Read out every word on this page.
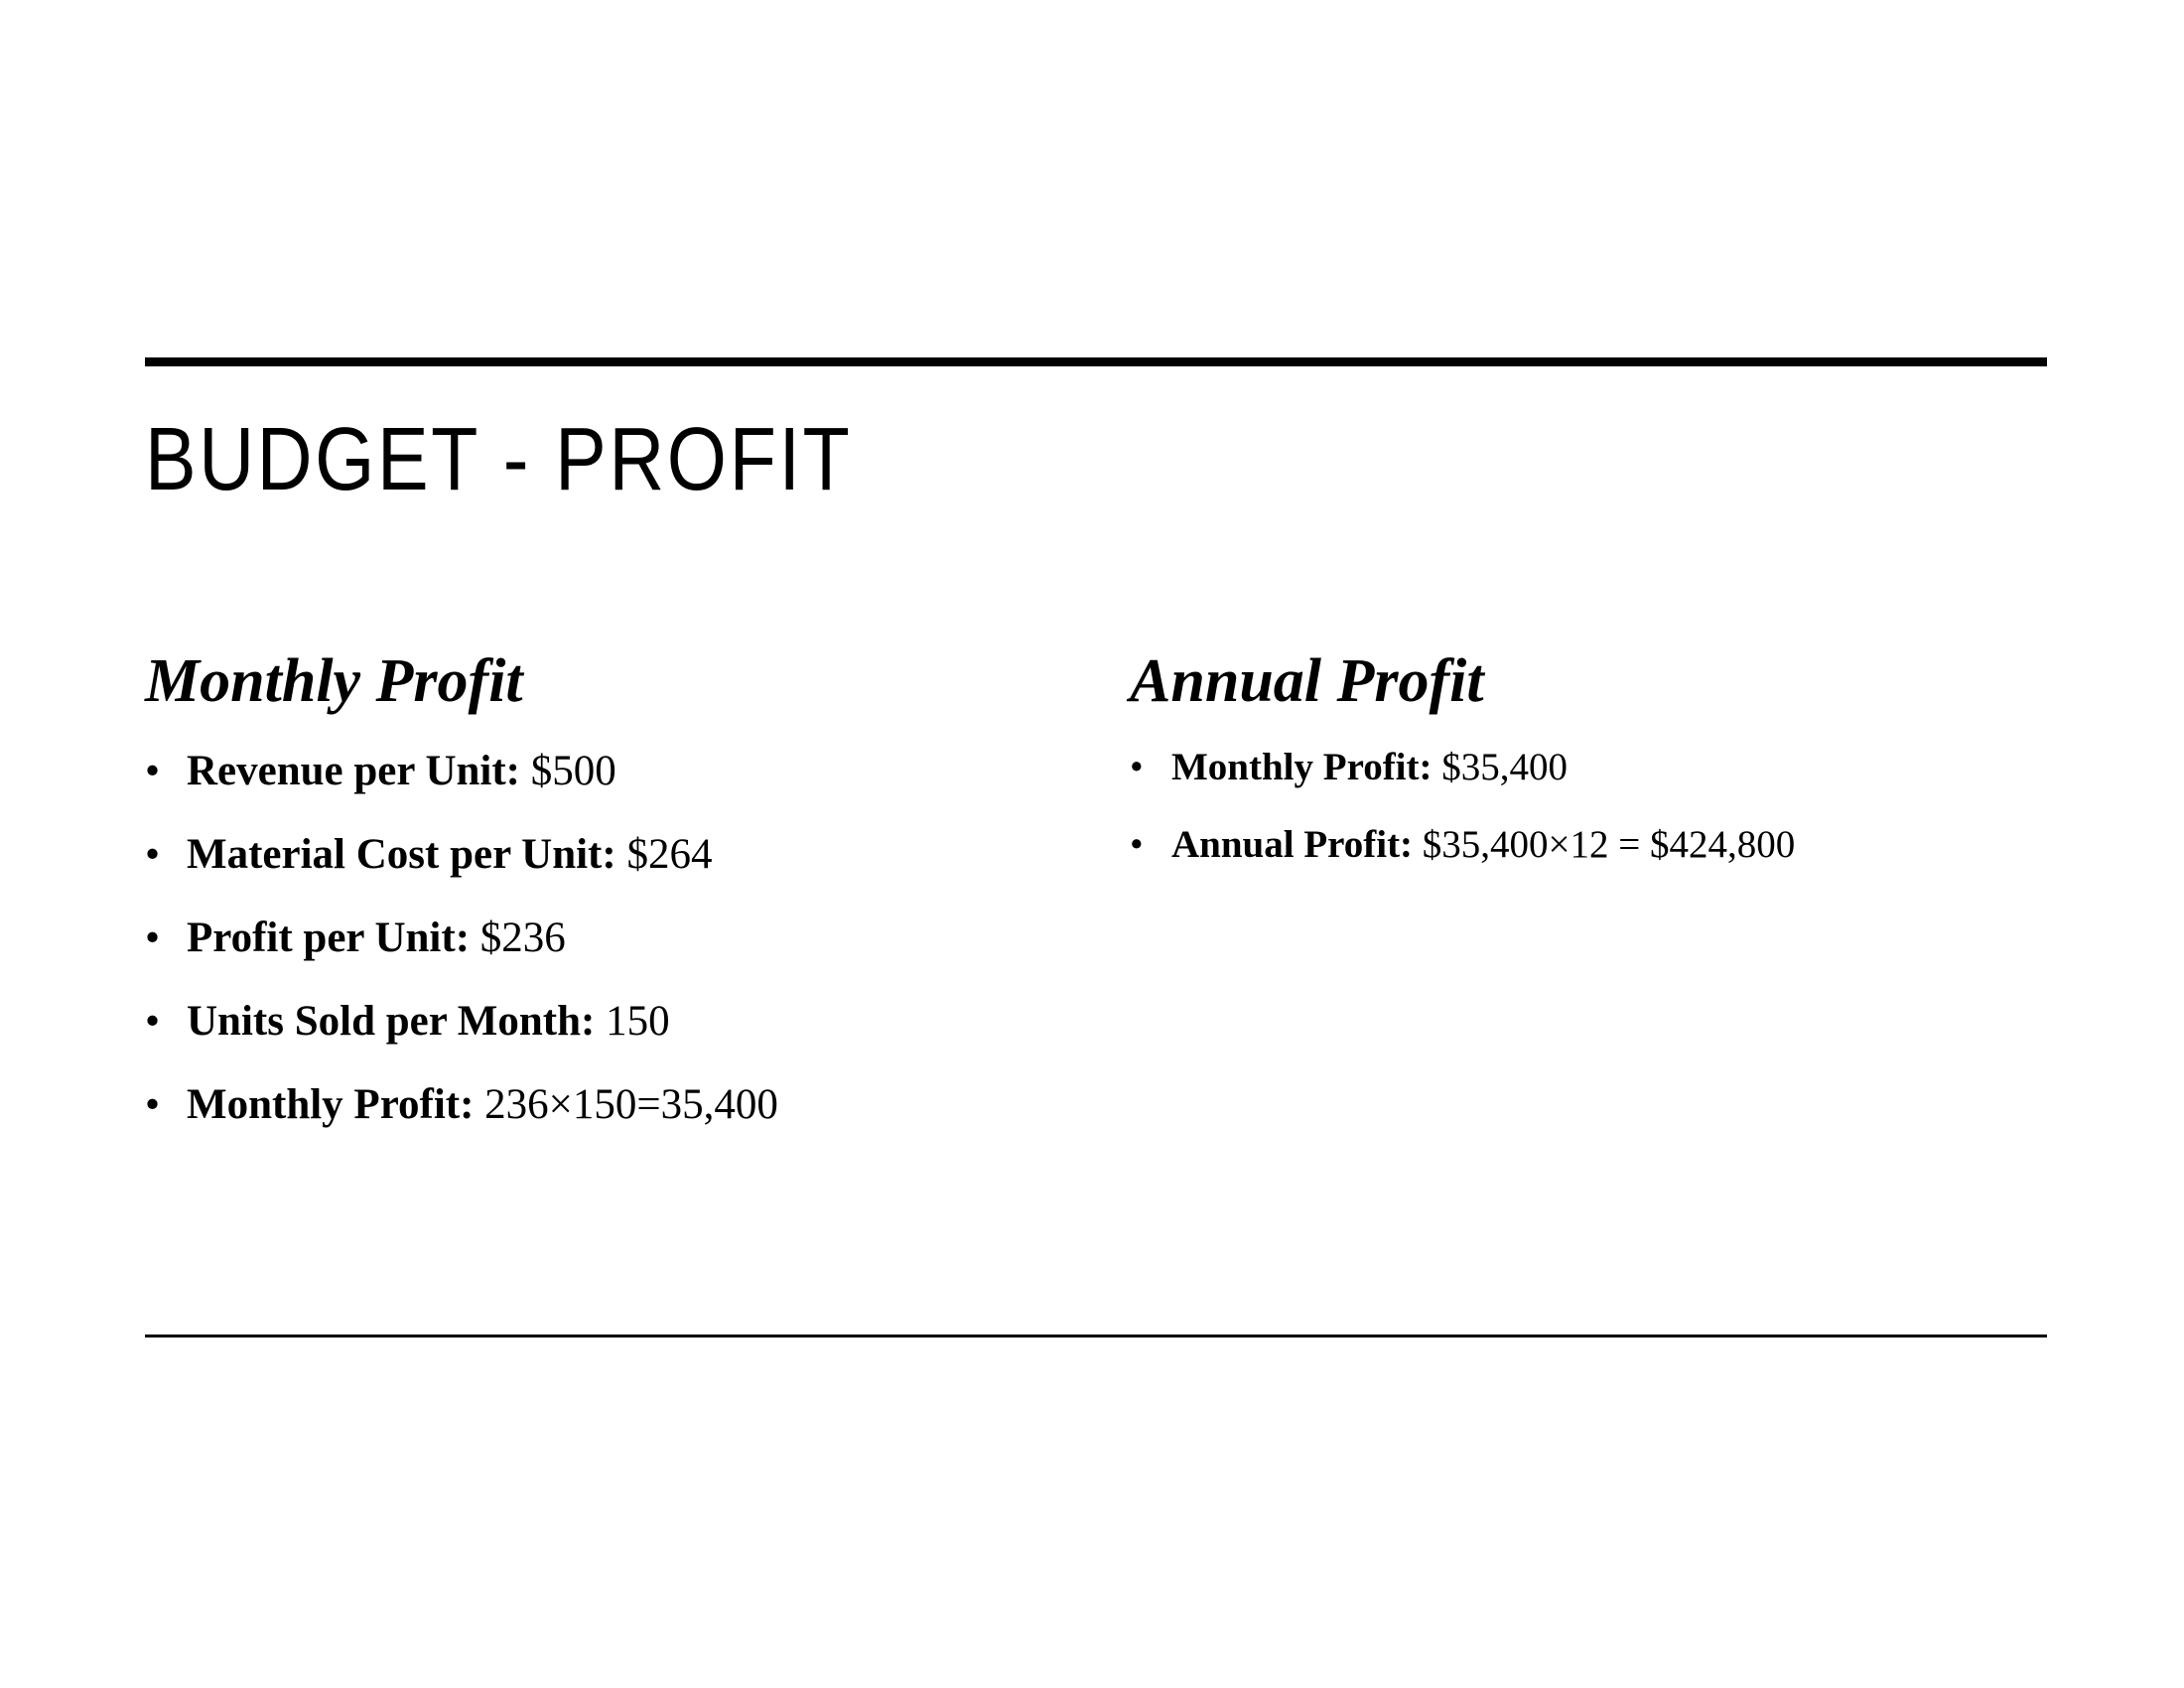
BUDGET - PROFIT
Monthly Profit
• Revenue per Unit: $500
• Material Cost per Unit: $264
• Profit per Unit: $236
• Units Sold per Month: 150
• Monthly Profit: 236×150=35,400
Annual Profit
• Monthly Profit: $35,400
• Annual Profit: $35,400×12 = $424,800
